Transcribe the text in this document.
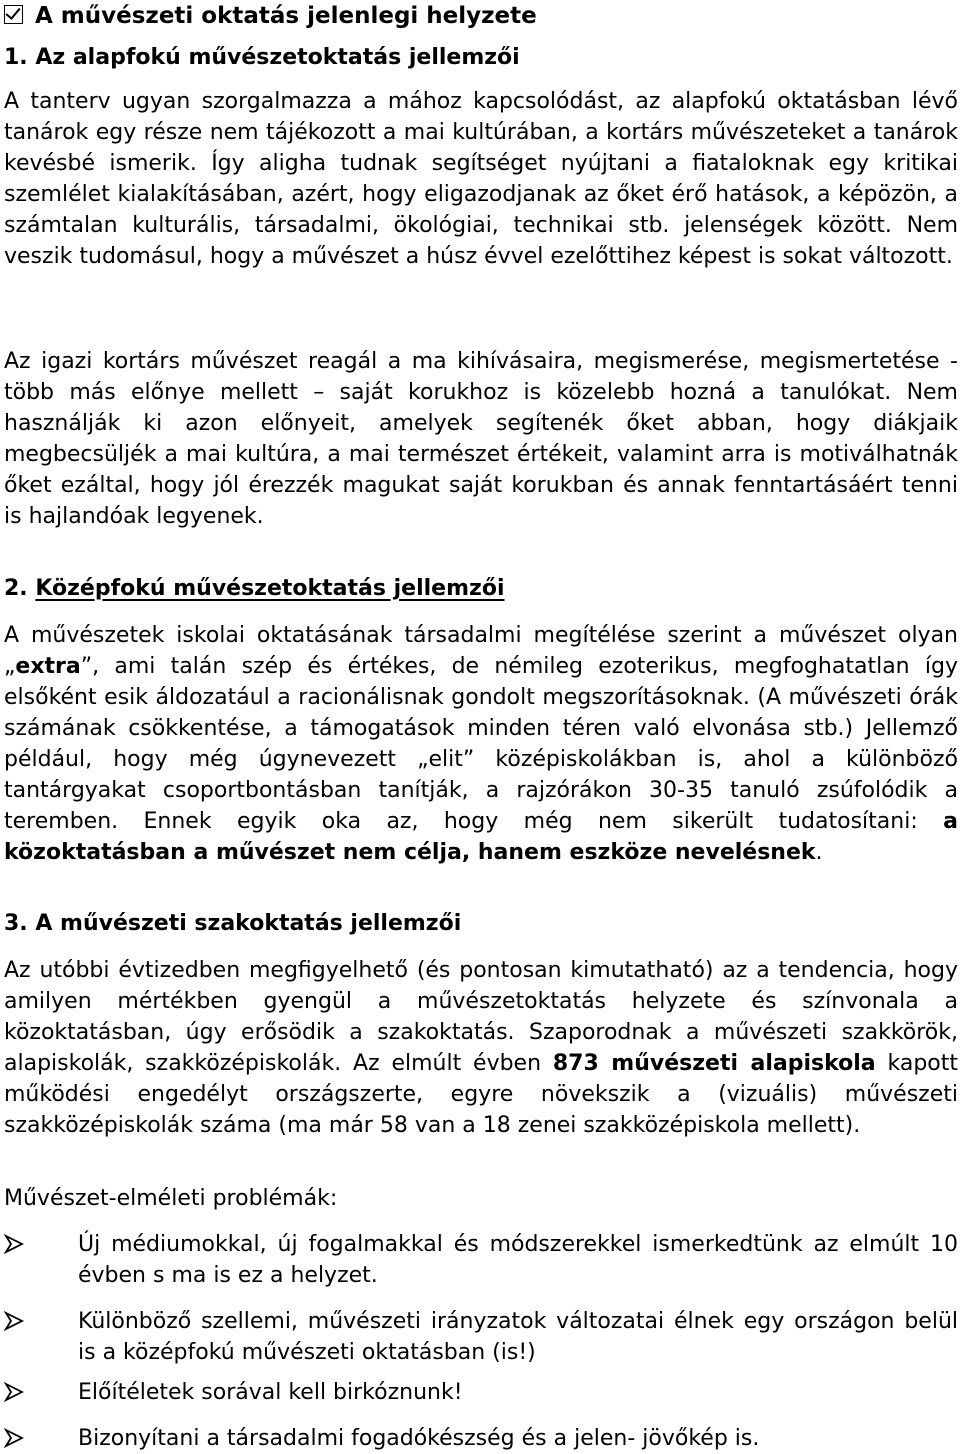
A művészeti oktatás jelenlegi helyzete
1. Az alapfokú művészetoktatás jellemzői

A tanterv ugyan szorgalmazza a mához kapcsolódást, az alapfokú oktatásban lévő tanárok egy része nem tájékozott a mai kultúrában, a kortárs művészeteket a tanárok kevésbé ismerik. Így aligha tudnak segítséget nyújtani a fiataloknak egy kritikai szemlélet kialakításában, azért, hogy eligazodjanak az őket érő hatások, a képözön, a számtalan kulturális, társadalmi, ökológiai, technikai stb. jelenségek között. Nem veszik tudomásul, hogy a művészet a húsz évvel ezelőttihez képest is sokat változott.

Az igazi kortárs művészet reagál a ma kihívásaira, megismerése, megismertetése - több más előnye mellett – saját korukhoz is közelebb hozná a tanulókat. Nem használják ki azon előnyeit, amelyek segítenék őket abban, hogy diákjaik megbecsüljék a mai kultúra, a mai természet értékeit, valamint arra is motiválhatnák őket ezáltal, hogy jól érezzék magukat saját korukban és annak fenntartásáért tenni is hajlandóak legyenek.

2. Középfokú művészetoktatás jellemzői

A művészetek iskolai oktatásának társadalmi megítélése szerint a művészet olyan „extra”, ami talán szép és értékes, de némileg ezoterikus, megfoghatatlan így elsőként esik áldozatául a racionálisnak gondolt megszorításoknak. (A művészeti órák számának csökkentése, a támogatások minden téren való elvonása stb.) Jellemző például, hogy még úgynevezett „elit” középiskolákban is, ahol a különböző tantárgyakat csoportbontásban tanítják, a rajzórákon 30-35 tanuló zsúfolódik a teremben. Ennek egyik oka az, hogy még nem sikerült tudatosítani: a közoktatásban a művészet nem célja, hanem eszköze nevelésnek.

3. A művészeti szakoktatás jellemzői

Az utóbbi évtizedben megfigyelhető (és pontosan kimutatható) az a tendencia, hogy amilyen mértékben gyengül a művészetoktatás helyzete és színvonala a közoktatásban, úgy erősödik a szakoktatás. Szaporodnak a művészeti szakkörök, alapiskolák, szakközépiskolák. Az elmúlt évben 873 művészeti alapiskola kapott működési engedélyt országszerte, egyre növekszik a (vizuális) művészeti szakközépiskolák száma (ma már 58 van a 18 zenei szakközépiskola mellett).

Művészet-elméleti problémák:

Új médiumokkal, új fogalmakkal és módszerekkel ismerkedtünk az elmúlt 10 évben s ma is ez a helyzet.
Különböző szellemi, művészeti irányzatok változatai élnek egy országon belül is a középfokú művészeti oktatásban (is!)
Előítéletek sorával kell birkóznunk!
Bizonyítani a társadalmi fogadókészség és a jelen- jövőkép is.
